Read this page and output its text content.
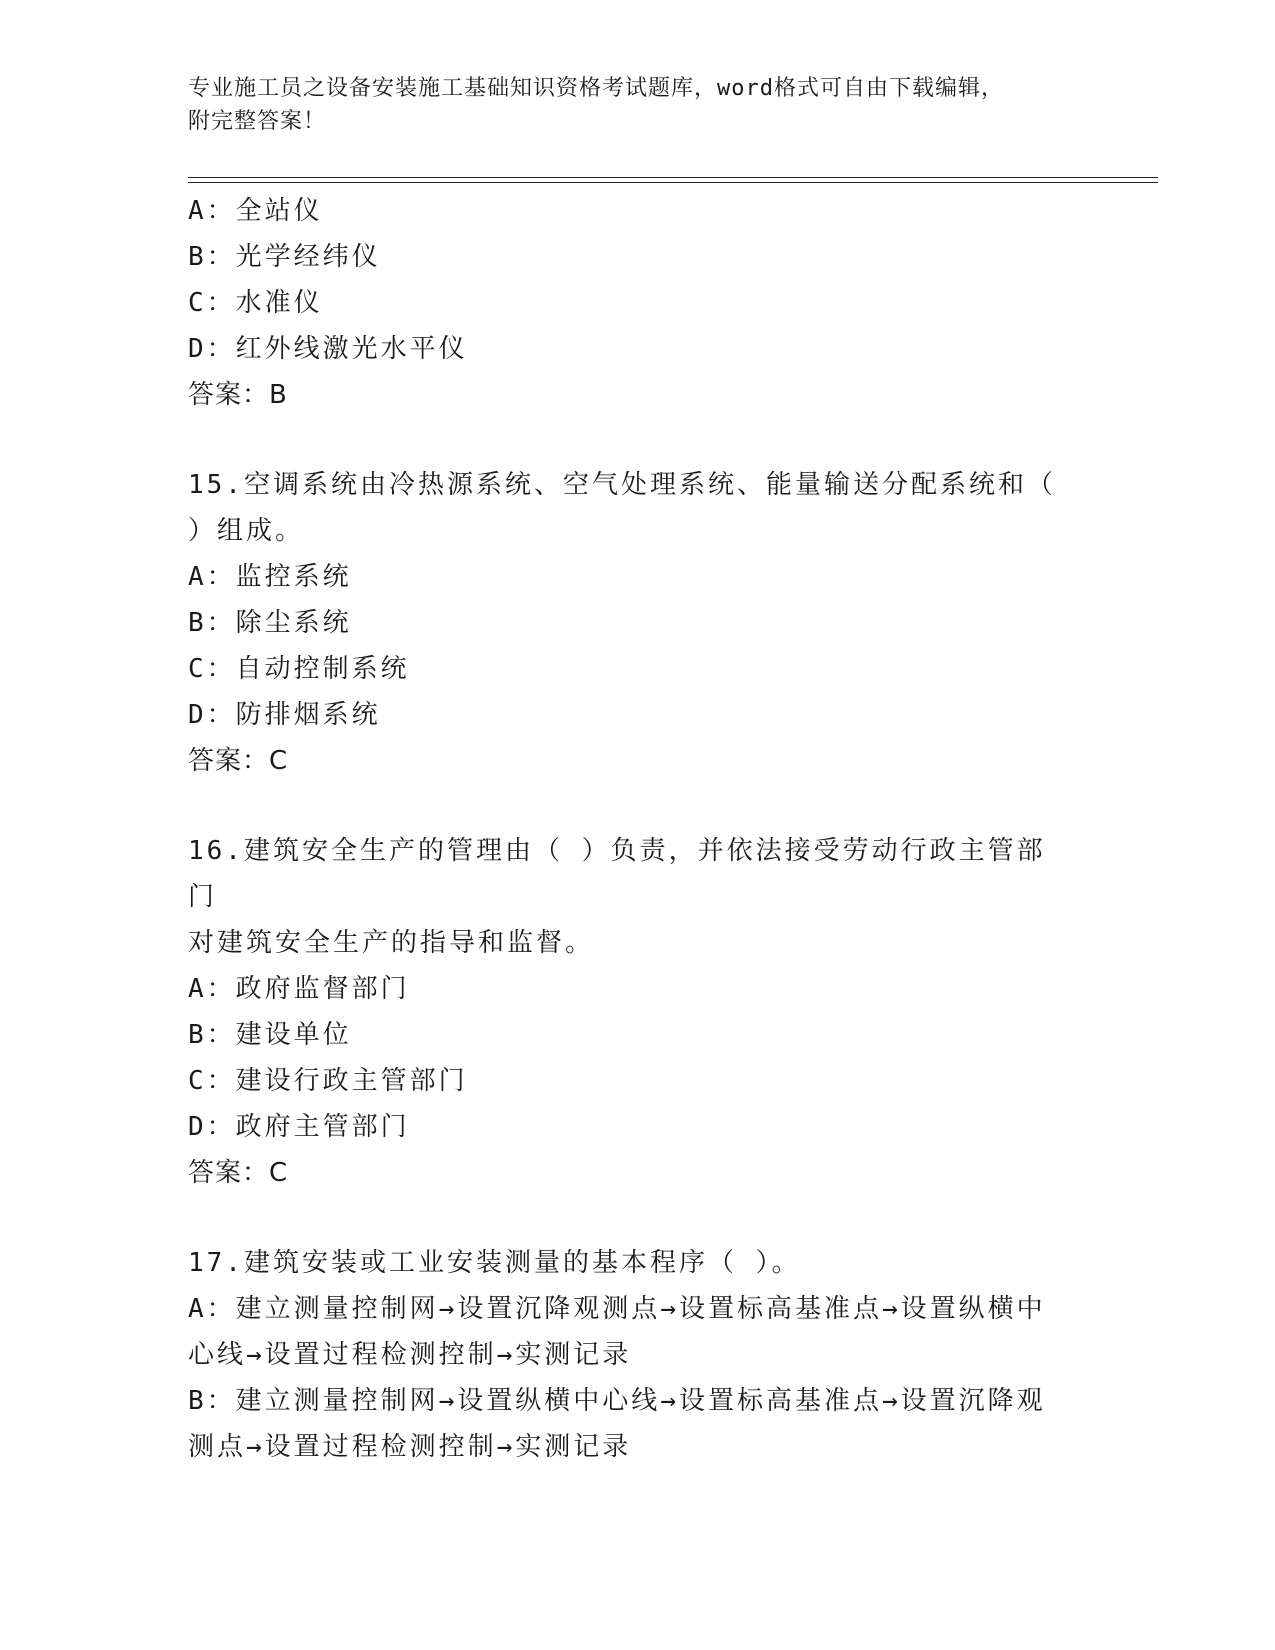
专业施工员之设备安装施工基础知识资格考试题库，word格式可自由下载编辑，
附完整答案！
A：全站仪
B：光学经纬仪
C：水准仪
D：红外线激光水平仪
答案：B
15.空调系统由冷热源系统、空气处理系统、能量输送分配系统和（
）组成。
A：监控系统
B：除尘系统
C：自动控制系统
D：防排烟系统
答案：C
16.建筑安全生产的管理由（ ）负责，并依法接受劳动行政主管部门
对建筑安全生产的指导和监督。
A：政府监督部门
B：建设单位
C：建设行政主管部门
D：政府主管部门
答案：C
17.建筑安装或工业安装测量的基本程序（ ）。
A：建立测量控制网→设置沉降观测点→设置标高基准点→设置纵横中
心线→设置过程检测控制→实测记录
B：建立测量控制网→设置纵横中心线→设置标高基准点→设置沉降观
测点→设置过程检测控制→实测记录
